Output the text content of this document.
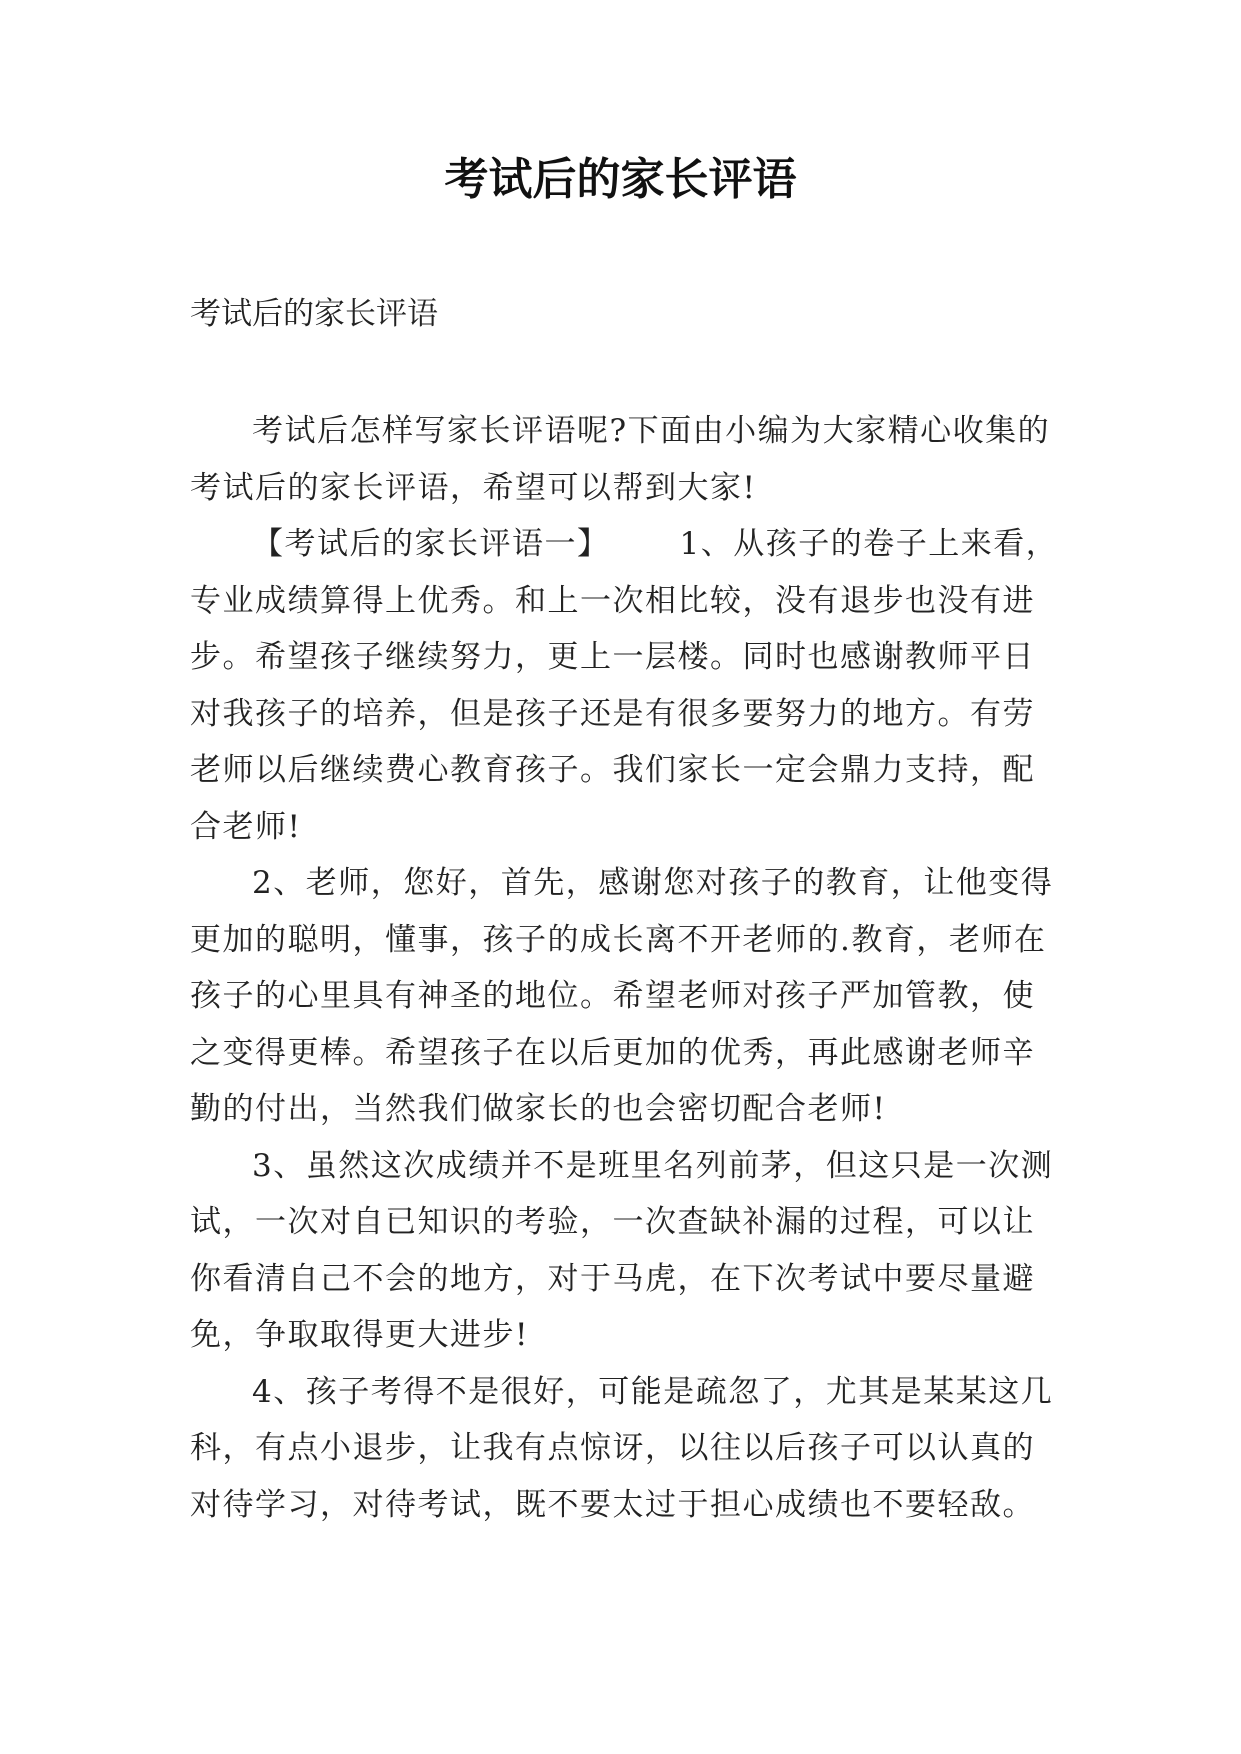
考试后的家长评语

考试后的家长评语

考试后怎样写家长评语呢?下面由小编为大家精心收集的考试后的家长评语，希望可以帮到大家!

【考试后的家长评语一】 1、从孩子的卷子上来看，专业成绩算得上优秀。和上一次相比较，没有退步也没有进步。希望孩子继续努力，更上一层楼。同时也感谢教师平日对我孩子的培养，但是孩子还是有很多要努力的地方。有劳老师以后继续费心教育孩子。我们家长一定会鼎力支持，配合老师!

2、老师，您好，首先，感谢您对孩子的教育，让他变得更加的聪明，懂事，孩子的成长离不开老师的.教育，老师在孩子的心里具有神圣的地位。希望老师对孩子严加管教，使之变得更棒。希望孩子在以后更加的优秀，再此感谢老师辛勤的付出，当然我们做家长的也会密切配合老师!

3、虽然这次成绩并不是班里名列前茅，但这只是一次测试，一次对自已知识的考验，一次查缺补漏的过程，可以让你看清自己不会的地方，对于马虎，在下次考试中要尽量避免，争取取得更大进步!

4、孩子考得不是很好，可能是疏忽了，尤其是某某这几科，有点小退步，让我有点惊讶，以往以后孩子可以认真的对待学习，对待考试，既不要太过于担心成绩也不要轻敌。
